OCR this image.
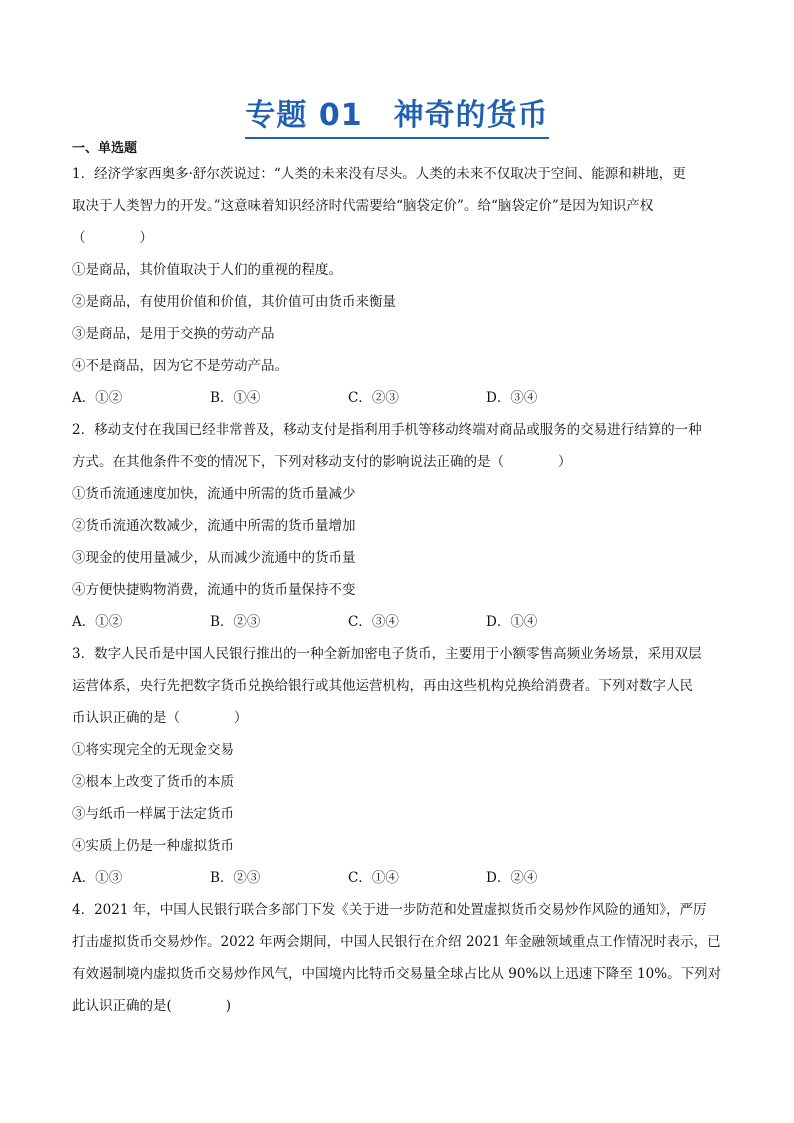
专题 01　神奇的货币
一、单选题
1．经济学家西奥多·舒尔茨说过：“人类的未来没有尽头。人类的未来不仅取决于空间、能源和耕地，更
取决于人类智力的开发。”这意味着知识经济时代需要给“脑袋定价”。给“脑袋定价”是因为知识产权
（　　　　）
①是商品，其价值取决于人们的重视的程度。
②是商品，有使用价值和价值，其价值可由货币来衡量
③是商品，是用于交换的劳动产品
④不是商品，因为它不是劳动产品。
A．①②	B．①④	C．②③	D．③④
2．移动支付在我国已经非常普及，移动支付是指利用手机等移动终端对商品或服务的交易进行结算的一种
方式。在其他条件不变的情况下，下列对移动支付的影响说法正确的是（　　　　）
①货币流通速度加快，流通中所需的货币量减少
②货币流通次数减少，流通中所需的货币量增加
③现金的使用量减少，从而减少流通中的货币量
④方便快捷购物消费，流通中的货币量保持不变
A．①②	B．②③	C．③④	D．①④
3．数字人民币是中国人民银行推出的一种全新加密电子货币，主要用于小额零售高频业务场景，采用双层
运营体系，央行先把数字货币兑换给银行或其他运营机构，再由这些机构兑换给消费者。下列对数字人民
币认识正确的是（　　　　）
①将实现完全的无现金交易
②根本上改变了货币的本质
③与纸币一样属于法定货币
④实质上仍是一种虚拟货币
A．①③	B．②③	C．①④	D．②④
4．2021 年，中国人民银行联合多部门下发《关于进一步防范和处置虚拟货币交易炒作风险的通知》，严厉
打击虚拟货币交易炒作。2022 年两会期间，中国人民银行在介绍 2021 年金融领域重点工作情况时表示，已
有效遏制境内虚拟货币交易炒作风气，中国境内比特币交易量全球占比从 90%以上迅速下降至 10%。下列对
此认识正确的是(　　　　)
